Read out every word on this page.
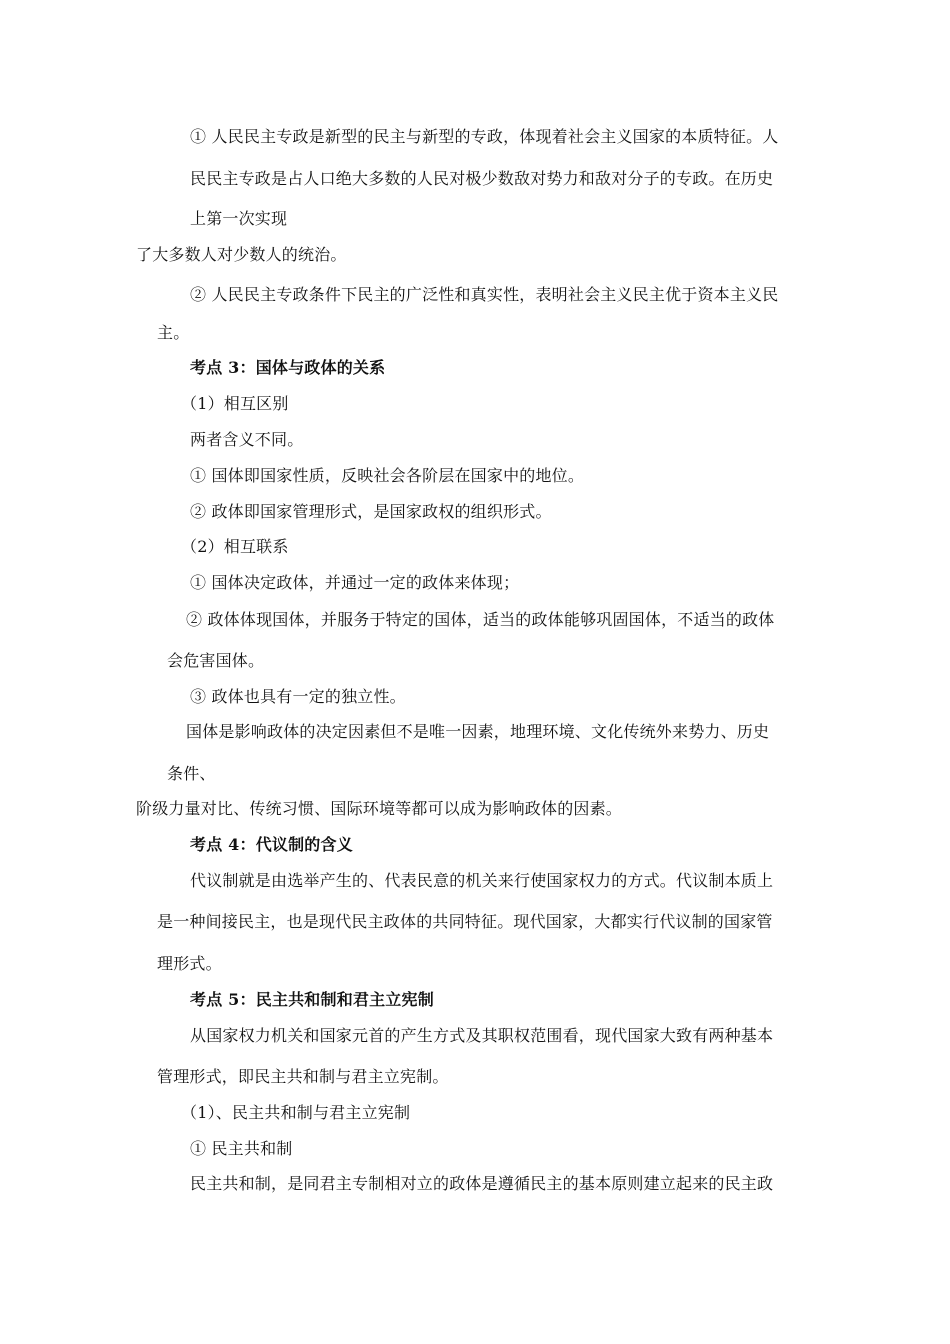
① 人民民主专政是新型的民主与新型的专政，体现着社会主义国家的本质特征。人
民民主专政是占人口绝大多数的人民对极少数敌对势力和敌对分子的专政。在历史
上第一次实现
了大多数人对少数人的统治。
② 人民民主专政条件下民主的广泛性和真实性，表明社会主义民主优于资本主义民
主。
考点 3：国体与政体的关系
（1）相互区别
两者含义不同。
① 国体即国家性质，反映社会各阶层在国家中的地位。
② 政体即国家管理形式，是国家政权的组织形式。
（2）相互联系
① 国体决定政体，并通过一定的政体来体现；
② 政体体现国体，并服务于特定的国体，适当的政体能够巩固国体，不适当的政体
会危害国体。
③ 政体也具有一定的独立性。
国体是影响政体的决定因素但不是唯一因素，地理环境、文化传统外来势力、历史
条件、
阶级力量对比、传统习惯、国际环境等都可以成为影响政体的因素。
考点 4：代议制的含义
代议制就是由选举产生的、代表民意的机关来行使国家权力的方式。代议制本质上
是一种间接民主，也是现代民主政体的共同特征。现代国家，大都实行代议制的国家管
理形式。
考点 5：民主共和制和君主立宪制
从国家权力机关和国家元首的产生方式及其职权范围看，现代国家大致有两种基本
管理形式，即民主共和制与君主立宪制。
（1）、民主共和制与君主立宪制
① 民主共和制
民主共和制，是同君主专制相对立的政体是遵循民主的基本原则建立起来的民主政
